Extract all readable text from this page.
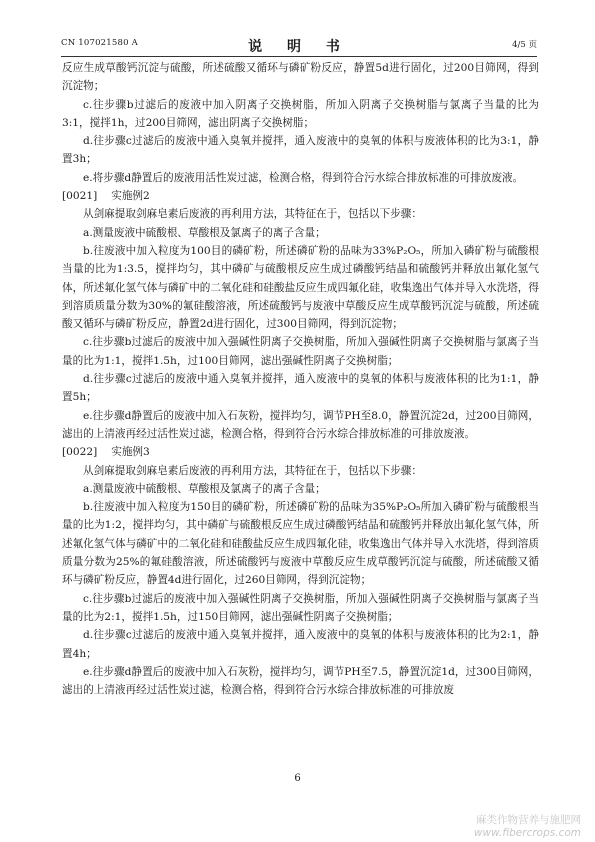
CN 107021580 A	说 明 书	4/5 页

反应生成草酸钙沉淀与硫酸，所述硫酸又循环与磷矿粉反应，静置5d进行固化，过200目筛网，得到沉淀物；

c.往步骤b过滤后的废液中加入阴离子交换树脂，所加入阴离子交换树脂与氯离子当量的比为3:1，搅拌1h，过200目筛网，滤出阴离子交换树脂；

d.往步骤c过滤后的废液中通入臭氧并搅拌，通入废液中的臭氧的体积与废液体积的比为3:1，静置3h；

e.将步骤d静置后的废液用活性炭过滤，检测合格，得到符合污水综合排放标准的可排放废液。

[0021] 实施例2

从剑麻提取剑麻皂素后废液的再利用方法，其特征在于，包括以下步骤：

a.测量废液中硫酸根、草酸根及氯离子的离子含量；

b.往废液中加入粒度为100目的磷矿粉，所述磷矿粉的品味为33%P₂O₅，所加入磷矿粉与硫酸根当量的比为1:3.5，搅拌均匀，其中磷矿与硫酸根反应生成过磷酸钙结晶和硫酸钙并释放出氟化氢气体，所述氟化氢气体与磷矿中的二氧化硅和硅酸盐反应生成四氟化硅，收集逸出气体并导入水洗塔，得到溶质质量分数为30%的氟硅酸溶液，所述硫酸钙与废液中草酸反应生成草酸钙沉淀与硫酸，所述硫酸又循环与磷矿粉反应，静置2d进行固化，过300目筛网，得到沉淀物；

c.往步骤b过滤后的废液中加入强碱性阴离子交换树脂，所加入强碱性阴离子交换树脂与氯离子当量的比为1:1，搅拌1.5h，过100目筛网，滤出强碱性阴离子交换树脂；

d.往步骤c过滤后的废液中通入臭氧并搅拌，通入废液中的臭氧的体积与废液体积的比为1:1，静置5h；

e.往步骤d静置后的废液中加入石灰粉，搅拌均匀，调节PH至8.0，静置沉淀2d，过200目筛网，滤出的上清液再经过活性炭过滤，检测合格，得到符合污水综合排放标准的可排放废液。

[0022] 实施例3

从剑麻提取剑麻皂素后废液的再利用方法，其特征在于，包括以下步骤：

a.测量废液中硫酸根、草酸根及氯离子的离子含量；

b.往废液中加入粒度为150目的磷矿粉，所述磷矿粉的品味为35%P₂O₅所加入磷矿粉与硫酸根当量的比为1:2，搅拌均匀，其中磷矿与硫酸根反应生成过磷酸钙结晶和硫酸钙并释放出氟化氢气体，所述氟化氢气体与磷矿中的二氧化硅和硅酸盐反应生成四氟化硅，收集逸出气体并导入水洗塔，得到溶质质量分数为25%的氟硅酸溶液，所述硫酸钙与废液中草酸反应生成草酸钙沉淀与硫酸，所述硫酸又循环与磷矿粉反应，静置4d进行固化，过260目筛网，得到沉淀物；

c.往步骤b过滤后的废液中加入强碱性阴离子交换树脂，所加入强碱性阴离子交换树脂与氯离子当量的比为2:1，搅拌1.5h，过150目筛网，滤出强碱性阴离子交换树脂；

d.往步骤c过滤后的废液中通入臭氧并搅拌，通入废液中的臭氧的体积与废液体积的比为2:1，静置4h；

e.往步骤d静置后的废液中加入石灰粉，搅拌均匀，调节PH至7.5，静置沉淀1d，过300目筛网，滤出的上清液再经过活性炭过滤，检测合格，得到符合污水综合排放标准的可排放废

6
麻类作物营养与施肥网
www.fibercrops.com
